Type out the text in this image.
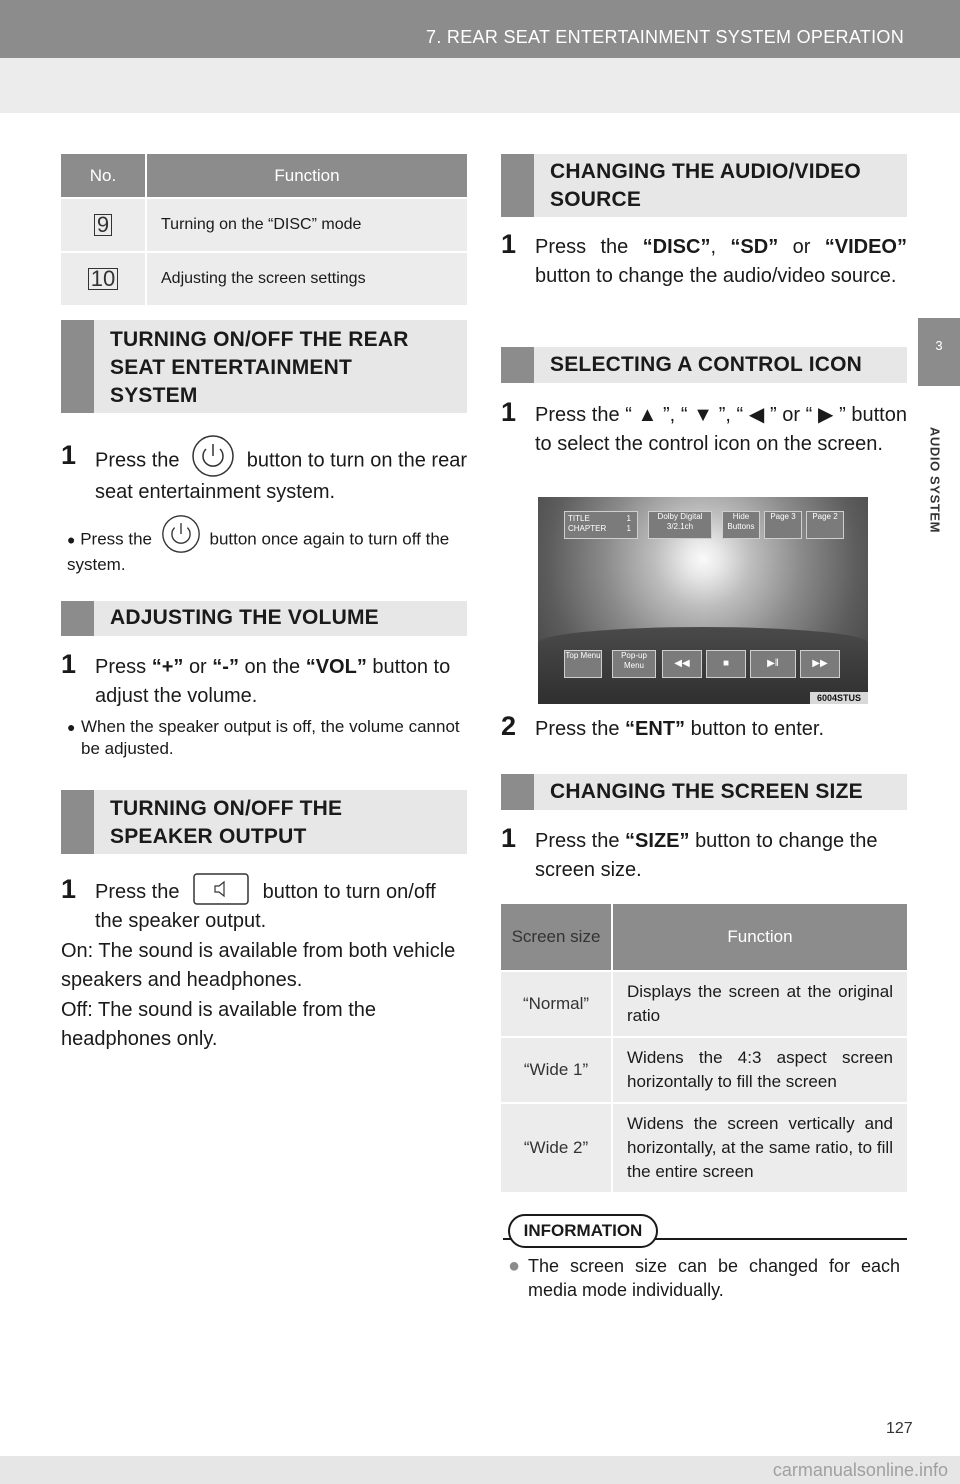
7. REAR SEAT ENTERTAINMENT SYSTEM OPERATION
3
AUDIO SYSTEM
No.	Function
9	Turning on the “DISC” mode
10	Adjusting the screen settings
TURNING ON/OFF THE REAR SEAT ENTERTAINMENT SYSTEM
1 Press the	button to turn on the rear seat entertainment system.
● Press the	button once again to turn off the system.
ADJUSTING THE VOLUME
1 Press “+” or “-” on the “VOL” button to adjust the volume.
● When the speaker output is off, the volume cannot be adjusted.
TURNING ON/OFF THE SPEAKER OUTPUT
1 Press the	button to turn on/off the speaker output.
On: The sound is available from both vehicle speakers and headphones.
Off: The sound is available from the headphones only.
CHANGING THE AUDIO/VIDEO SOURCE
1 Press the “DISC”, “SD” or “VIDEO” button to change the audio/video source.
SELECTING A CONTROL ICON
1 Press the “ ▲ ”, “ ▼ ”, “ ◀ ” or “ ▶ ” button to select the control icon on the screen.
TITLE	1

CHAPTER	1
Dolby Digital
3/2.1ch
Hide Buttons
Page 3	Page 2
Top Menu	Pop-up Menu	◀◀	■	▶ǁ	▶▶
6004STUS
2 Press the “ENT” button to enter.
CHANGING THE SCREEN SIZE
1 Press the “SIZE” button to change the screen size.
Screen size	Function
“Normal”	Displays the screen at the original ratio
“Wide 1”	Widens the 4:3 aspect screen horizontally to fill the screen
“Wide 2”	Widens the screen vertically and horizontally, at the same ratio, to fill the entire screen
INFORMATION
● The screen size can be changed for each media mode individually.
127
carmanualsonline.info
